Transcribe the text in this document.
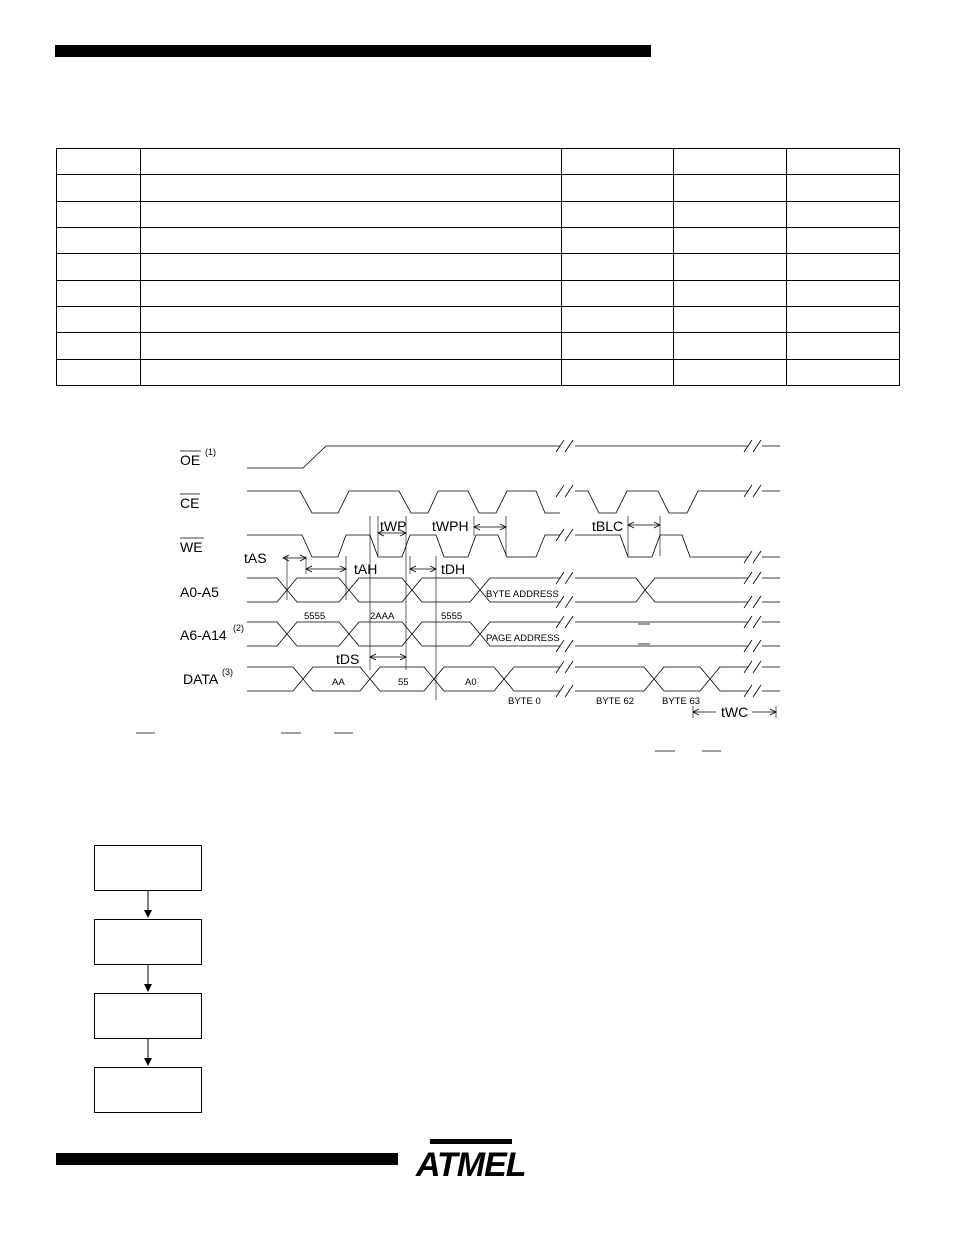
OE (1)
CE
WE
A0-A5
A6-A14 (2)
DATA (3)
tAS
tAH
tWP tWPH
tDH
tDS
tBLC
tWC
5555	2AAA	5555
BYTE ADDRESS
PAGE ADDRESS
AA	55	A0
BYTE 0	BYTE 62	BYTE 63
ATMEL
